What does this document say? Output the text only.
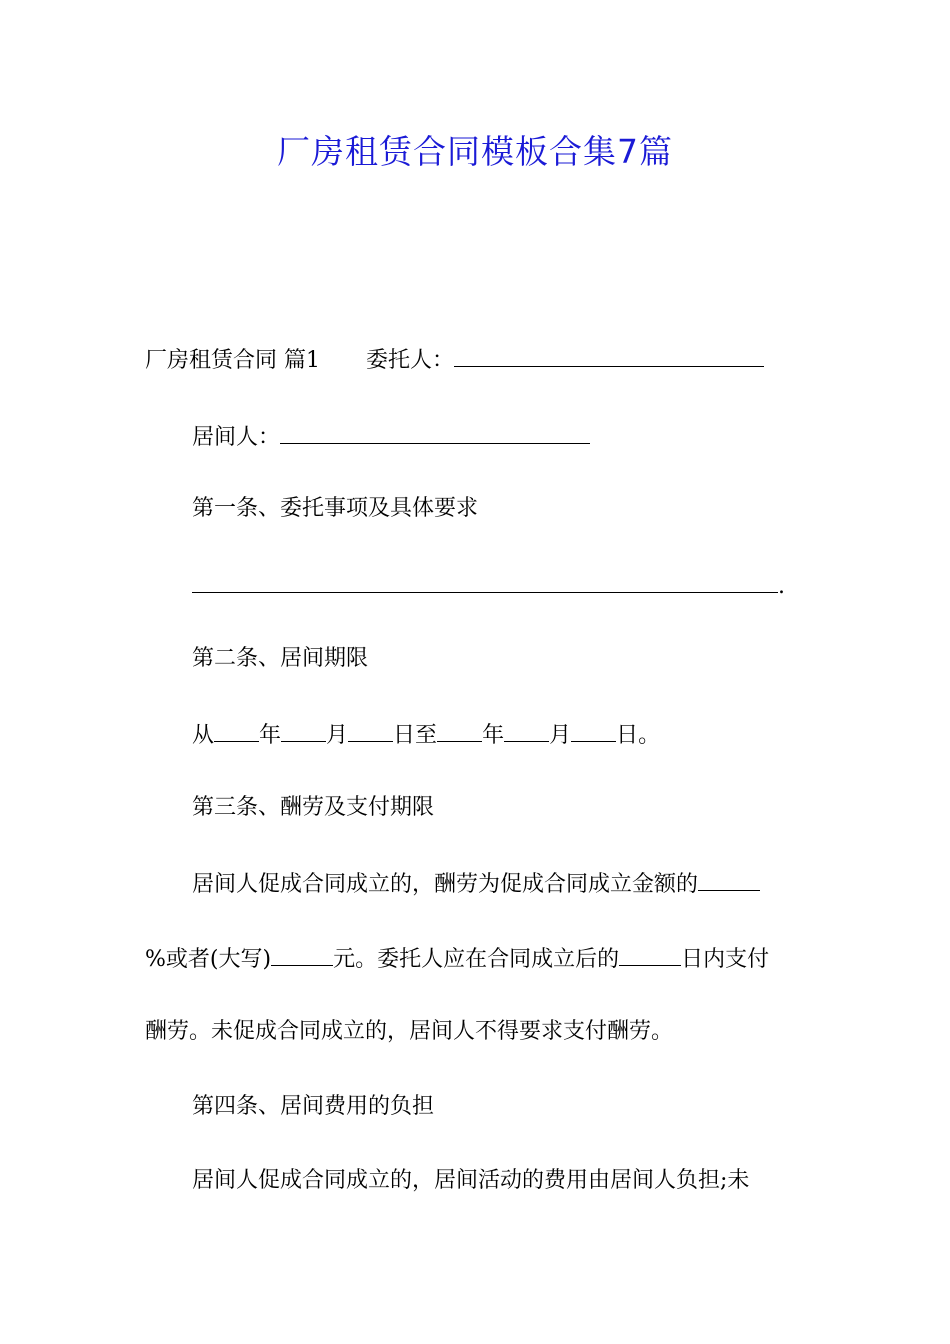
厂房租赁合同模板合集7篇
厂房租赁合同 篇1 委托人：
居间人：
第一条、委托事项及具体要求
.
第二条、居间期限
从 年 月 日至 年 月 日。
第三条、酬劳及支付期限
居间人促成合同成立的，酬劳为促成合同成立金额的
%或者(大写)	元。委托人应在合同成立后的	日内支付
酬劳。未促成合同成立的，居间人不得要求支付酬劳。
第四条、居间费用的负担
居间人促成合同成立的，居间活动的费用由居间人负担;未
